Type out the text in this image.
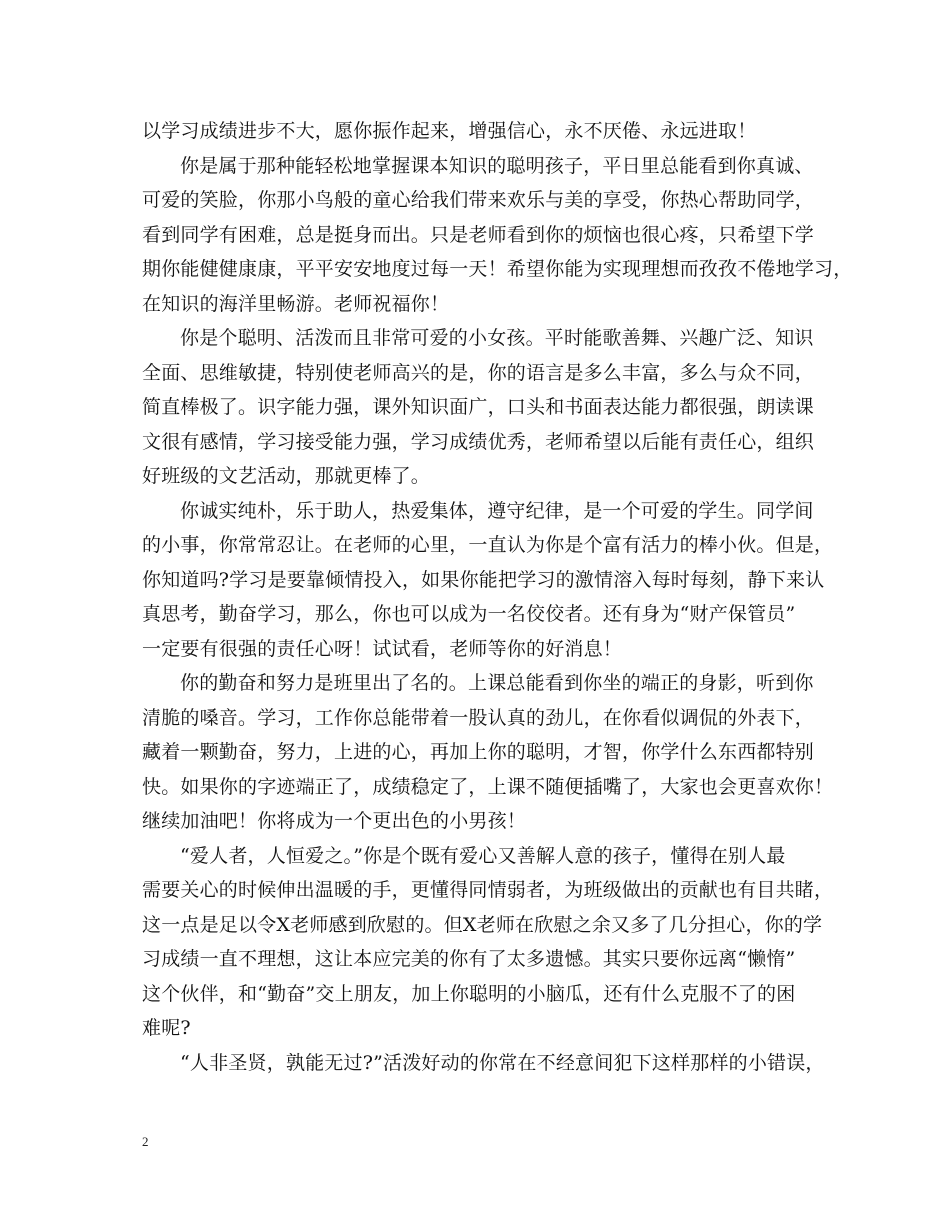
以学习成绩进步不大，愿你振作起来，增强信心，永不厌倦、永远进取！
你是属于那种能轻松地掌握课本知识的聪明孩子，平日里总能看到你真诚、
可爱的笑脸，你那小鸟般的童心给我们带来欢乐与美的享受，你热心帮助同学，
看到同学有困难，总是挺身而出。只是老师看到你的烦恼也很心疼，只希望下学
期你能健健康康，平平安安地度过每一天！希望你能为实现理想而孜孜不倦地学习，
在知识的海洋里畅游。老师祝福你！
你是个聪明、活泼而且非常可爱的小女孩。平时能歌善舞、兴趣广泛、知识
全面、思维敏捷，特别使老师高兴的是，你的语言是多么丰富，多么与众不同，
简直棒极了。识字能力强，课外知识面广，口头和书面表达能力都很强，朗读课
文很有感情，学习接受能力强，学习成绩优秀，老师希望以后能有责任心，组织
好班级的文艺活动，那就更棒了。
你诚实纯朴，乐于助人，热爱集体，遵守纪律，是一个可爱的学生。同学间
的小事，你常常忍让。在老师的心里，一直认为你是个富有活力的棒小伙。但是，
你知道吗?学习是要靠倾情投入，如果你能把学习的激情溶入每时每刻，静下来认
真思考，勤奋学习，那么，你也可以成为一名佼佼者。还有身为“财产保管员”
一定要有很强的责任心呀！试试看，老师等你的好消息！
你的勤奋和努力是班里出了名的。上课总能看到你坐的端正的身影，听到你
清脆的嗓音。学习，工作你总能带着一股认真的劲儿，在你看似调侃的外表下，
藏着一颗勤奋，努力，上进的心，再加上你的聪明，才智，你学什么东西都特别
快。如果你的字迹端正了，成绩稳定了，上课不随便插嘴了，大家也会更喜欢你！
继续加油吧！你将成为一个更出色的小男孩！
“爱人者，人恒爱之。”你是个既有爱心又善解人意的孩子，懂得在别人最
需要关心的时候伸出温暖的手，更懂得同情弱者，为班级做出的贡献也有目共睹，
这一点是足以令X老师感到欣慰的。但X老师在欣慰之余又多了几分担心，你的学
习成绩一直不理想，这让本应完美的你有了太多遗憾。其实只要你远离“懒惰”
这个伙伴，和“勤奋”交上朋友，加上你聪明的小脑瓜，还有什么克服不了的困
难呢?
“人非圣贤，孰能无过?”活泼好动的你常在不经意间犯下这样那样的小错误，
2
